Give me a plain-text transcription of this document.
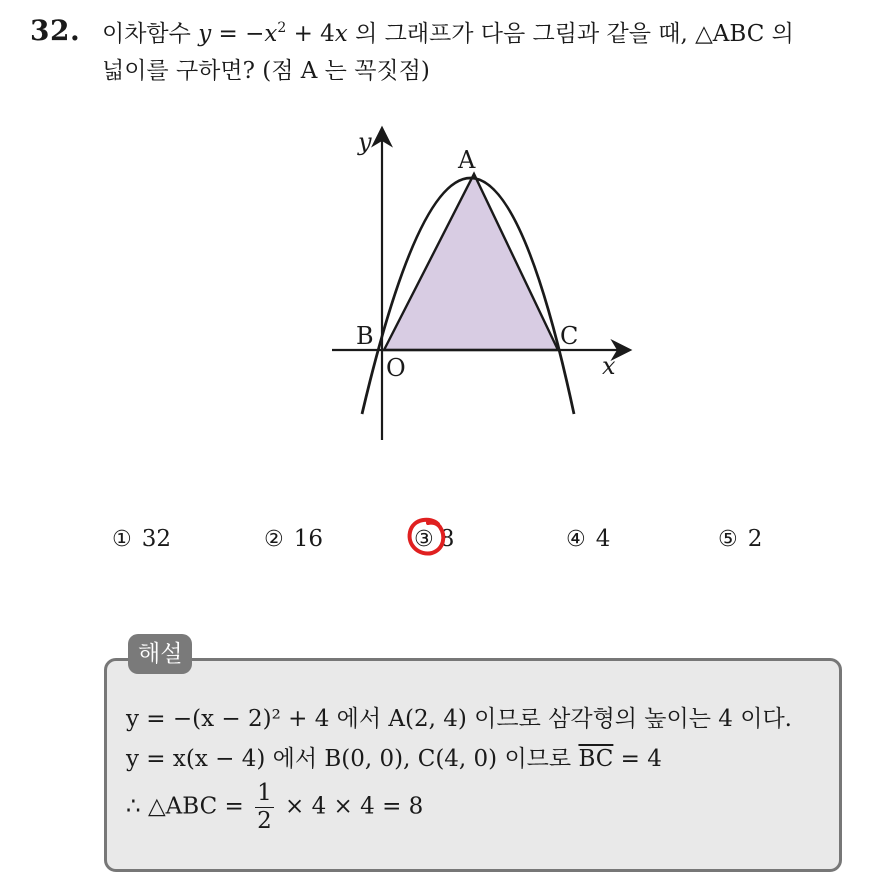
32. 이차함수 $y = -x^2 + 4x$ 의 그래프가 다음 그림과 같을 때, △ABC 의
넓이를 구하면? (점 A 는 꼭짓점)
y
x
A
B	C
O
① 32	② 16	③ 8	④ 4	⑤ 2
해설
y = −(x − 2)² + 4 에서 A(2, 4) 이므로 삼각형의 높이는 4 이다.
y = x(x − 4) 에서 B(0, 0), C(4, 0) 이므로 $\overline{BC} = 4$
∴ △ABC = $\frac{1}{2} \times 4 \times 4 = 8$
